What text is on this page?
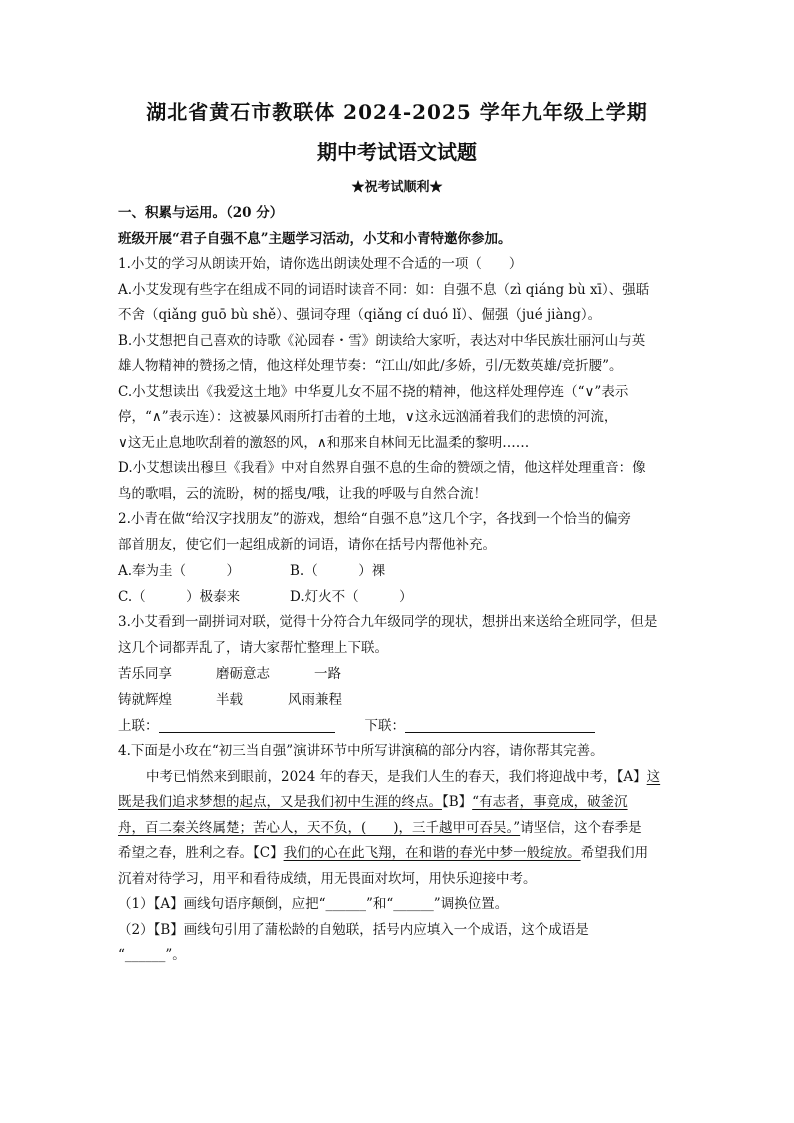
湖北省黄石市教联体 2024-2025 学年九年级上学期
期中考试语文试题
★祝考试顺利★

一、积累与运用。（20 分）

班级开展“君子自强不息”主题学习活动，小艾和小青特邀你参加。

1.小艾的学习从朗读开始，请你选出朗读处理不合适的一项（　　）

A.小艾发现有些字在组成不同的词语时读音不同：如：自强不息（zì qiáng bù xī）、强聒

不舍（qiǎng guō bù shě）、强词夺理（qiǎng cí duó lǐ）、倔强（jué jiàng）。

B.小艾想把自己喜欢的诗歌《沁园春・雪》朗读给大家听，表达对中华民族壮丽河山与英

雄人物精神的赞扬之情，他这样处理节奏：“江山/如此/多娇，引/无数英雄/竞折腰”。

C.小艾想读出《我爱这土地》中华夏儿女不屈不挠的精神，他这样处理停连（“∨”表示

停，“∧”表示连）：这被暴风雨所打击着的土地，∨这永远汹涌着我们的悲愤的河流，

∨这无止息地吹刮着的激怒的风，∧和那来自林间无比温柔的黎明……

D.小艾想读出穆旦《我看》中对自然界自强不息的生命的赞颂之情，他这样处理重音：像

鸟的歌唱，云的流盼，树的摇曳/哦，让我的呼吸与自然合流！

2.小青在做“给汉字找朋友”的游戏，想给“自强不息”这几个字，各找到一个恰当的偏旁

部首朋友，使它们一起组成新的词语，请你在括号内帮他补充。

A.奉为圭（　　　）	B.（　　　）祼
C.（　　　）极泰来	D.灯火不（　　　）

3.小艾看到一副拼词对联，觉得十分符合九年级同学的现状，想拼出来送给全班同学，但是

这几个词都弄乱了，请大家帮忙整理上下联。

苦乐同享	磨砺意志	一路
铸就辉煌	半载	风雨兼程
上联：	下联：

4.下面是小玫在“初三当自强”演讲环节中所写讲演稿的部分内容，请你帮其完善。

中考已悄然来到眼前，2024 年的春天，是我们人生的春天，我们将迎战中考，【A】这

既是我们追求梦想的起点，又是我们初中生涯的终点。【B】“有志者，事竟成，破釜沉

舟，百二秦关终属楚；苦心人，天不负，(　　)，三千越甲可吞吴。”请坚信，这个春季是

希望之春，胜利之春。【C】我们的心在此飞翔，在和谐的春光中梦一般绽放。希望我们用

沉着对待学习，用平和看待成绩，用无畏面对坎坷，用快乐迎接中考。

（1）【A】画线句语序颠倒，应把“______”和“______”调换位置。

（2）【B】画线句引用了蒲松龄的自勉联，括号内应填入一个成语，这个成语是

“______”。
